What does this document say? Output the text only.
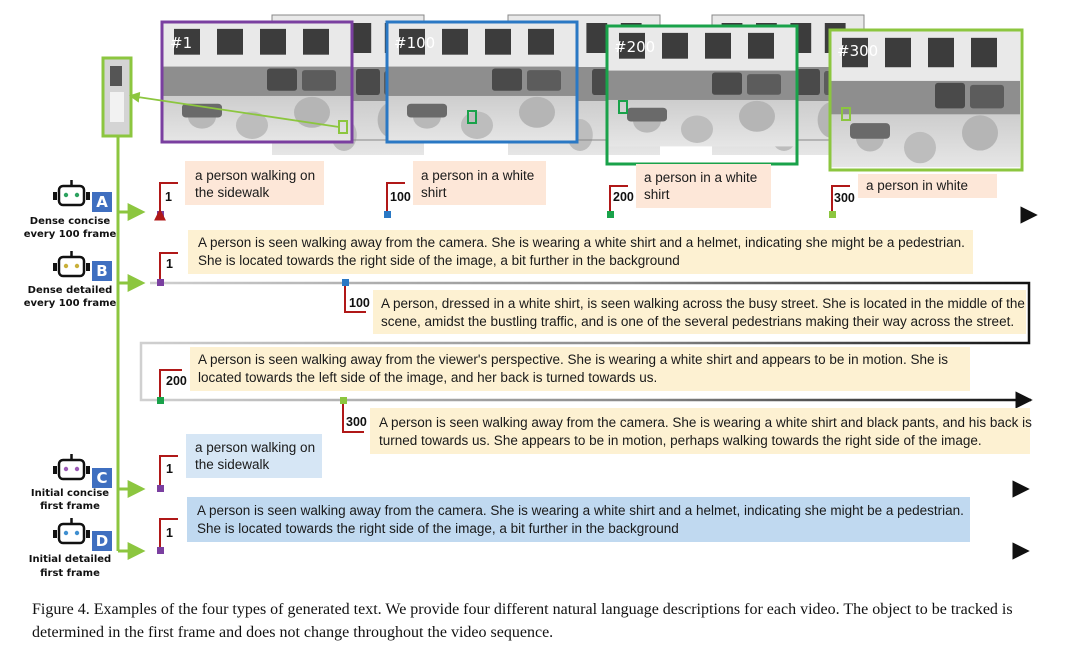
#1	#100	#200	#300
A
Dense concise
every 100 frame
B
Dense detailed
every 100 frame
C
Initial concise
first frame
D
Initial detailed
first frame
1
a person walking on
the sidewalk	100
a person in a white
shirt	200
a person in a white
shirt	300
a person in white
1
A person is seen walking away from the camera. She is wearing a white shirt and a helmet, indicating she might be a pedestrian.
She is located towards the right side of the image, a bit further in the background
100 A person, dressed in a white shirt, is seen walking across the busy street. She is located in the middle of the
scene, amidst the bustling traffic, and is one of the several pedestrians making their way across the street.
200
A person is seen walking away from the viewer's perspective. She is wearing a white shirt and appears to be in motion. She is
located towards the left side of the image, and her back is turned towards us.
300 A person is seen walking away from the camera. She is wearing a white shirt and black pants, and his back is
turned towards us. She appears to be in motion, perhaps walking towards the right side of the image.
1
a person walking on
the sidewalk
1
A person is seen walking away from the camera. She is wearing a white shirt and a helmet, indicating she might be a pedestrian.
She is located towards the right side of the image, a bit further in the background
Figure 4. Examples of the four types of generated text. We provide four different natural language descriptions for each video. The object to be tracked is determined in the first frame and does not change throughout the video sequence.
